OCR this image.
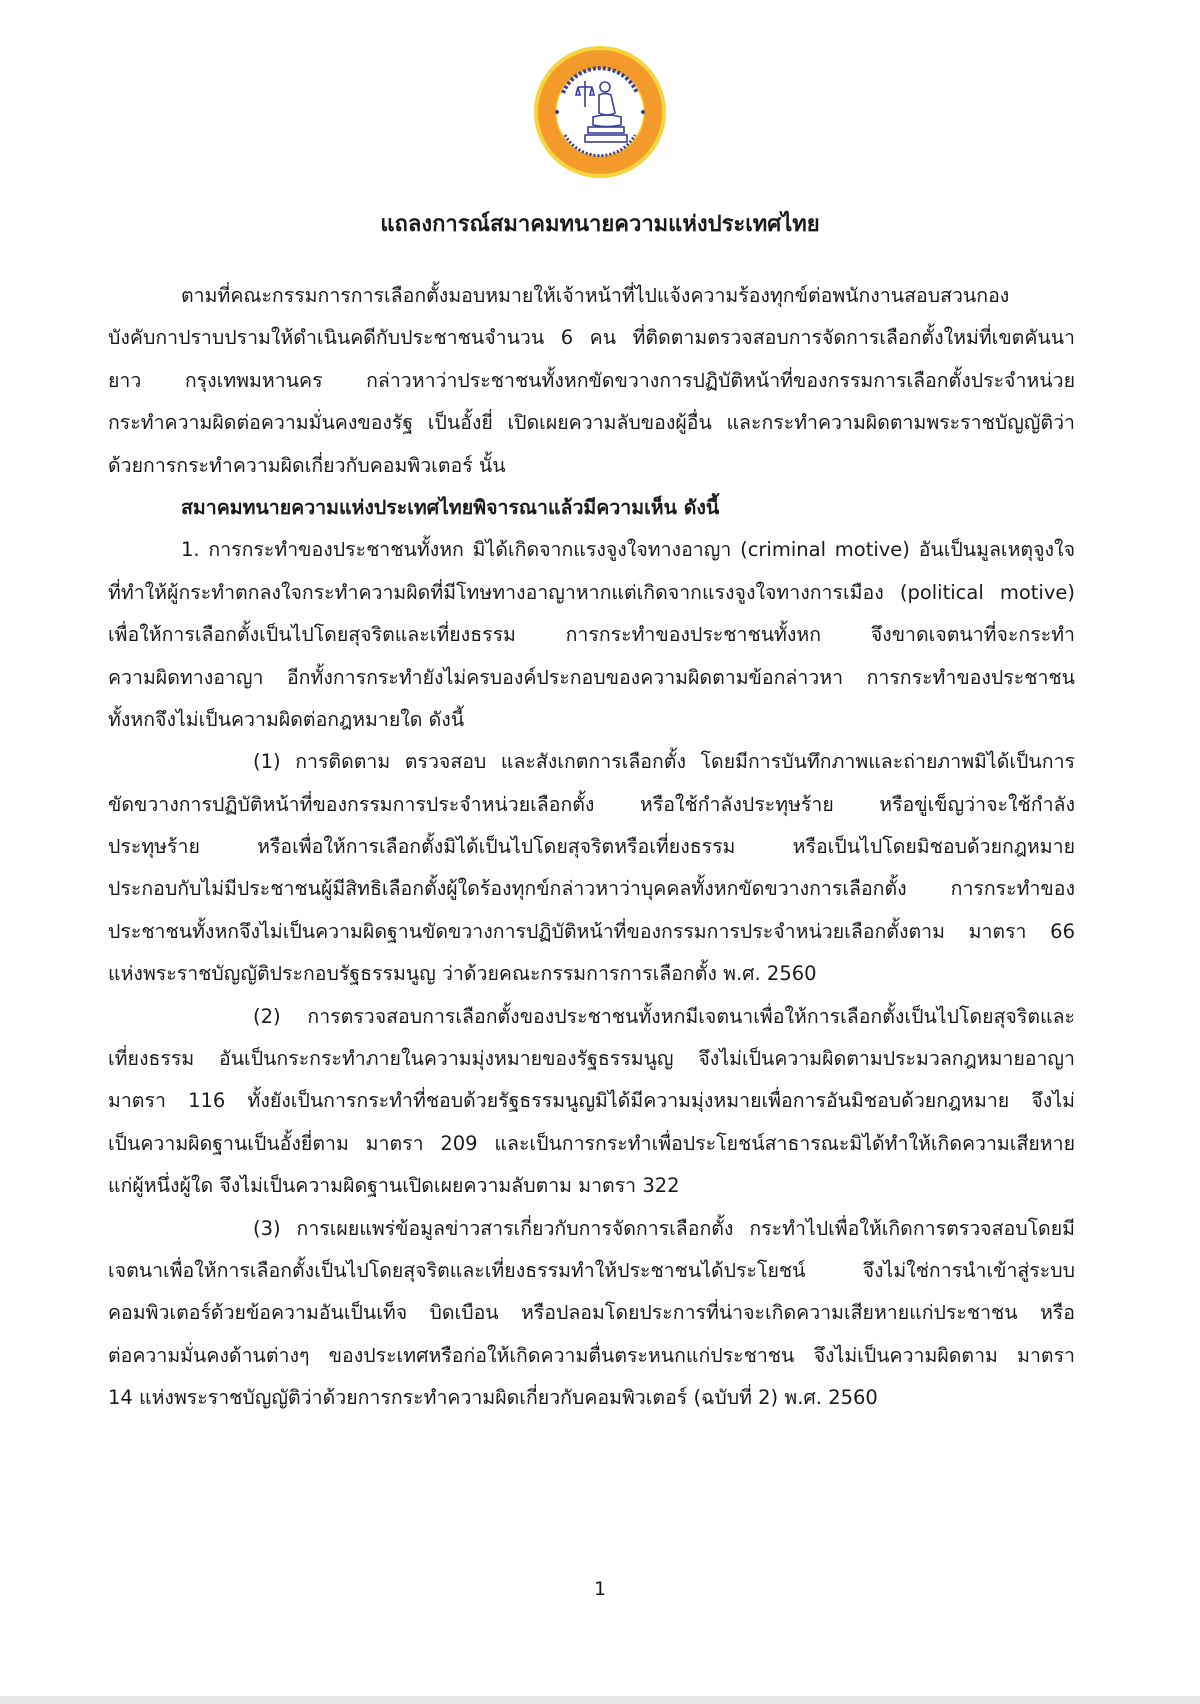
แถลงการณ์สมาคมทนายความแห่งประเทศไทย
ตามที่คณะกรรมการการเลือกตั้งมอบหมายให้เจ้าหน้าที่ไปแจ้งความร้องทุกข์ต่อพนักงานสอบสวนกอง
บังคับกาปราบปรามให้ดำเนินคดีกับประชาชนจำนวน 6 คน ที่ติดตามตรวจสอบการจัดการเลือกตั้งใหม่ที่เขตคันนา
ยาว กรุงเทพมหานคร กล่าวหาว่าประชาชนทั้งหกขัดขวางการปฏิบัติหน้าที่ของกรรมการเลือกตั้งประจำหน่วย
กระทำความผิดต่อความมั่นคงของรัฐ เป็นอั้งยี่ เปิดเผยความลับของผู้อื่น และกระทำความผิดตามพระราชบัญญัติว่า
ด้วยการกระทำความผิดเกี่ยวกับคอมพิวเตอร์ นั้น
สมาคมทนายความแห่งประเทศไทยพิจารณาแล้วมีความเห็น ดังนี้
1. การกระทำของประชาชนทั้งหก มิได้เกิดจากแรงจูงใจทางอาญา (criminal motive) อันเป็นมูลเหตุจูงใจ
ที่ทำให้ผู้กระทำตกลงใจกระทำความผิดที่มีโทษทางอาญาหากแต่เกิดจากแรงจูงใจทางการเมือง (political motive)
เพื่อให้การเลือกตั้งเป็นไปโดยสุจริตและเที่ยงธรรม การกระทำของประชาชนทั้งหก จึงขาดเจตนาที่จะกระทำ
ความผิดทางอาญา อีกทั้งการกระทำยังไม่ครบองค์ประกอบของความผิดตามข้อกล่าวหา การกระทำของประชาชน
ทั้งหกจึงไม่เป็นความผิดต่อกฎหมายใด ดังนี้
(1) การติดตาม ตรวจสอบ และสังเกตการเลือกตั้ง โดยมีการบันทึกภาพและถ่ายภาพมิได้เป็นการ
ขัดขวางการปฏิบัติหน้าที่ของกรรมการประจำหน่วยเลือกตั้ง หรือใช้กำลังประทุษร้าย หรือขู่เข็ญว่าจะใช้กำลัง
ประทุษร้าย หรือเพื่อให้การเลือกตั้งมิได้เป็นไปโดยสุจริตหรือเที่ยงธรรม หรือเป็นไปโดยมิชอบด้วยกฎหมาย
ประกอบกับไม่มีประชาชนผู้มีสิทธิเลือกตั้งผู้ใดร้องทุกข์กล่าวหาว่าบุคคลทั้งหกขัดขวางการเลือกตั้ง การกระทำของ
ประชาชนทั้งหกจึงไม่เป็นความผิดฐานขัดขวางการปฏิบัติหน้าที่ของกรรมการประจำหน่วยเลือกตั้งตาม มาตรา 66
แห่งพระราชบัญญัติประกอบรัฐธรรมนูญ ว่าด้วยคณะกรรมการการเลือกตั้ง พ.ศ. 2560
(2) การตรวจสอบการเลือกตั้งของประชาชนทั้งหกมีเจตนาเพื่อให้การเลือกตั้งเป็นไปโดยสุจริตและ
เที่ยงธรรม อันเป็นกระกระทำภายในความมุ่งหมายของรัฐธรรมนูญ จึงไม่เป็นความผิดตามประมวลกฎหมายอาญา
มาตรา 116 ทั้งยังเป็นการกระทำที่ชอบด้วยรัฐธรรมนูญมิได้มีความมุ่งหมายเพื่อการอันมิชอบด้วยกฎหมาย จึงไม่
เป็นความผิดฐานเป็นอั้งยี่ตาม มาตรา 209 และเป็นการกระทำเพื่อประโยชน์สาธารณะมิได้ทำให้เกิดความเสียหาย
แก่ผู้หนึ่งผู้ใด จึงไม่เป็นความผิดฐานเปิดเผยความลับตาม มาตรา 322
(3) การเผยแพร่ข้อมูลข่าวสารเกี่ยวกับการจัดการเลือกตั้ง กระทำไปเพื่อให้เกิดการตรวจสอบโดยมี
เจตนาเพื่อให้การเลือกตั้งเป็นไปโดยสุจริตและเที่ยงธรรมทำให้ประชาชนได้ประโยชน์ จึงไม่ใช่การนำเข้าสู่ระบบ
คอมพิวเตอร์ด้วยข้อความอันเป็นเท็จ บิดเบือน หรือปลอมโดยประการที่น่าจะเกิดความเสียหายแก่ประชาชน หรือ
ต่อความมั่นคงด้านต่างๆ ของประเทศหรือก่อให้เกิดความตื่นตระหนกแก่ประชาชน จึงไม่เป็นความผิดตาม มาตรา
14 แห่งพระราชบัญญัติว่าด้วยการกระทำความผิดเกี่ยวกับคอมพิวเตอร์ (ฉบับที่ 2) พ.ศ. 2560
1
